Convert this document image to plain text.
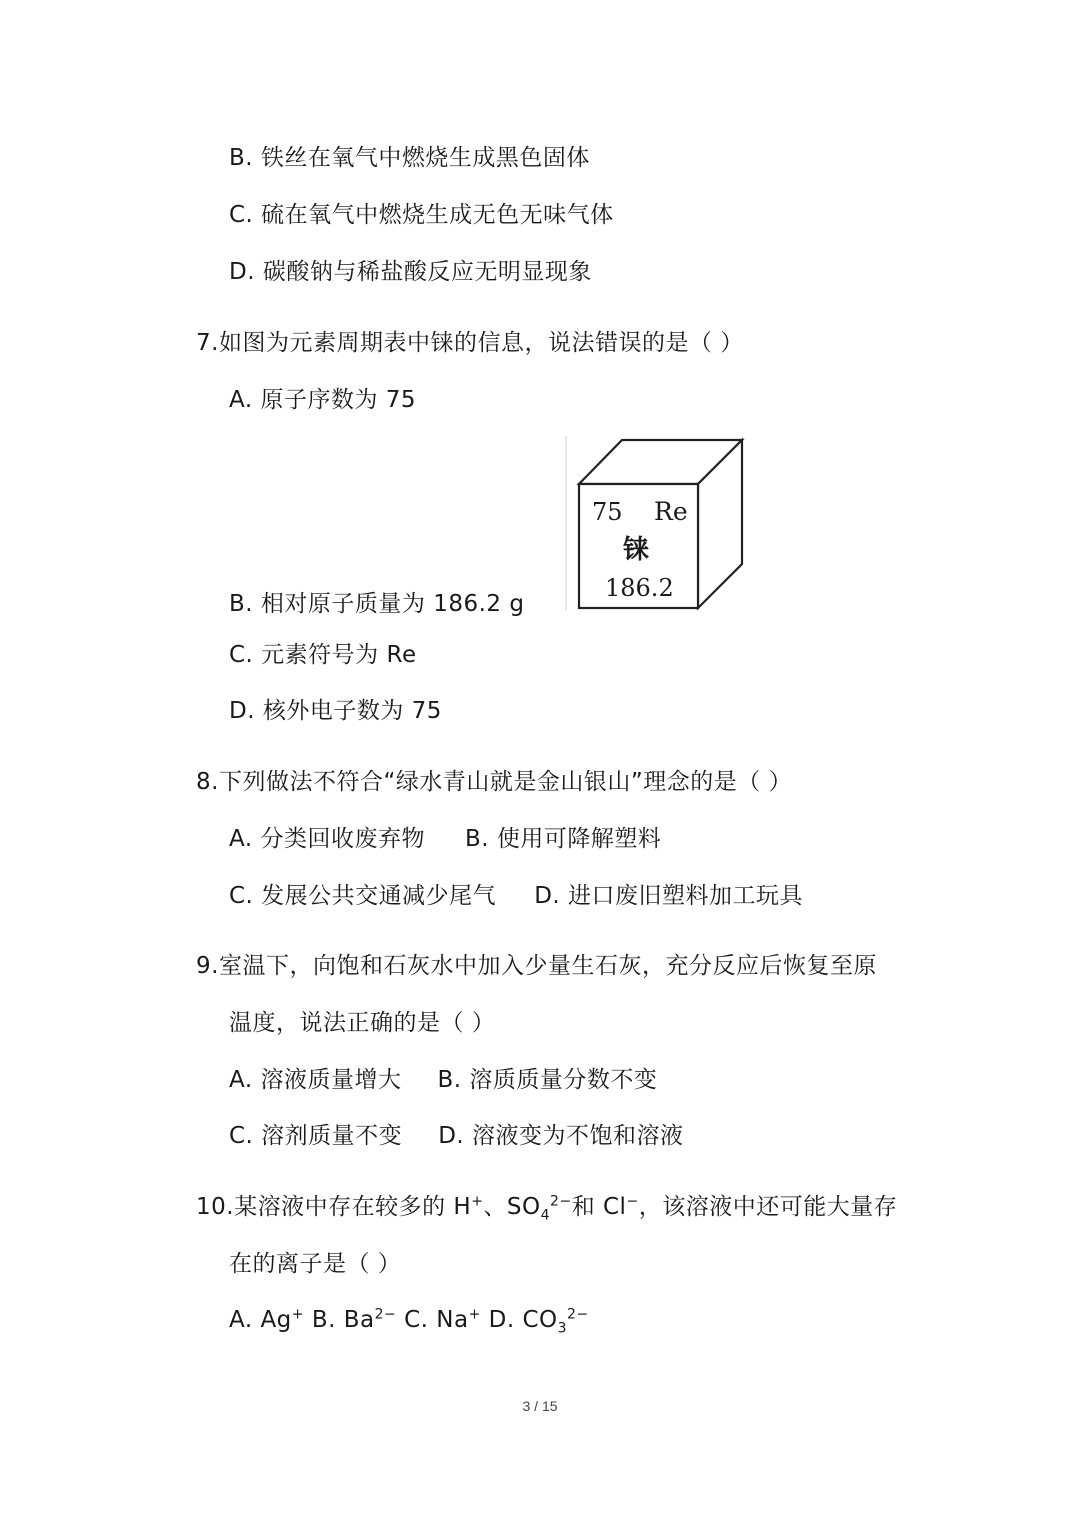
B. 铁丝在氧气中燃烧生成黑色固体
C. 硫在氧气中燃烧生成无色无味气体
D. 碳酸钠与稀盐酸反应无明显现象
7.如图为元素周期表中铼的信息，说法错误的是（ ）
A. 原子序数为 75
75 Re
铼
186.2
B. 相对原子质量为 186.2 g
C. 元素符号为 Re
D. 核外电子数为 75
8.下列做法不符合“绿水青山就是金山银山”理念的是（ ）
A. 分类回收废弃物 B. 使用可降解塑料
C. 发展公共交通减少尾气 D. 进口废旧塑料加工玩具
9.室温下，向饱和石灰水中加入少量生石灰，充分反应后恢复至原
温度，说法正确的是（ ）
A. 溶液质量增大 B. 溶质质量分数不变
C. 溶剂质量不变 D. 溶液变为不饱和溶液
10.某溶液中存在较多的 H+、$SO_4^{2-}$和 Cl−，该溶液中还可能大量存
在的离子是（ ）
A. Ag+ B. $Ba^{2-}$ C. Na+ D. $CO_3^{2-}$
3 / 15
